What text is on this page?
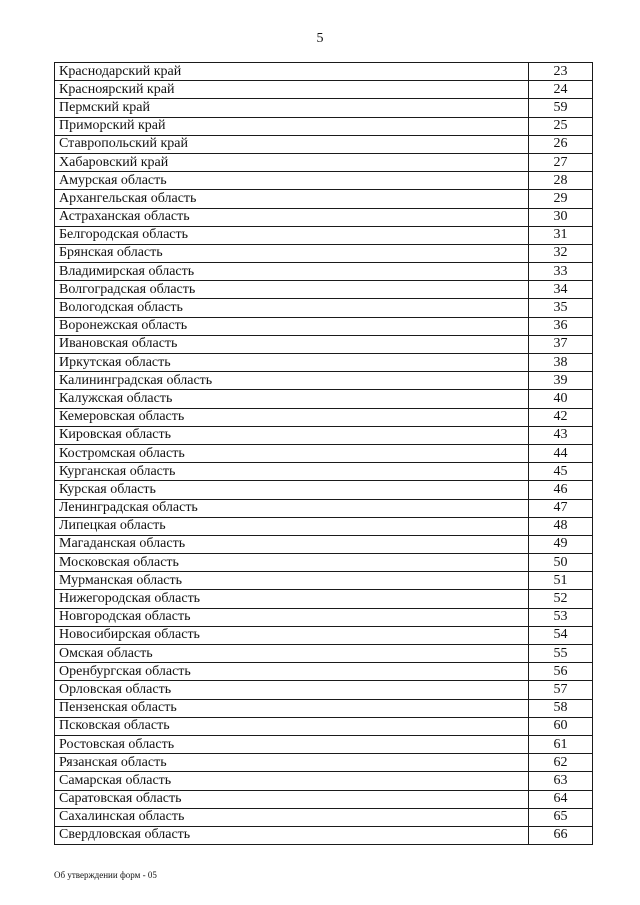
5
Краснодарский край	23
Красноярский край	24
Пермский край	59
Приморский край	25
Ставропольский край	26
Хабаровский край	27
Амурская область	28
Архангельская область	29
Астраханская область	30
Белгородская область	31
Брянская область	32
Владимирская область	33
Волгоградская область	34
Вологодская область	35
Воронежская область	36
Ивановская область	37
Иркутская область	38
Калининградская область	39
Калужская область	40
Кемеровская область	42
Кировская область	43
Костромская область	44
Курганская область	45
Курская область	46
Ленинградская область	47
Липецкая область	48
Магаданская область	49
Московская область	50
Мурманская область	51
Нижегородская область	52
Новгородская область	53
Новосибирская область	54
Омская область	55
Оренбургская область	56
Орловская область	57
Пензенская область	58
Псковская область	60
Ростовская область	61
Рязанская область	62
Самарская область	63
Саратовская область	64
Сахалинская область	65
Свердловская область	66
Об утверждении форм - 05
